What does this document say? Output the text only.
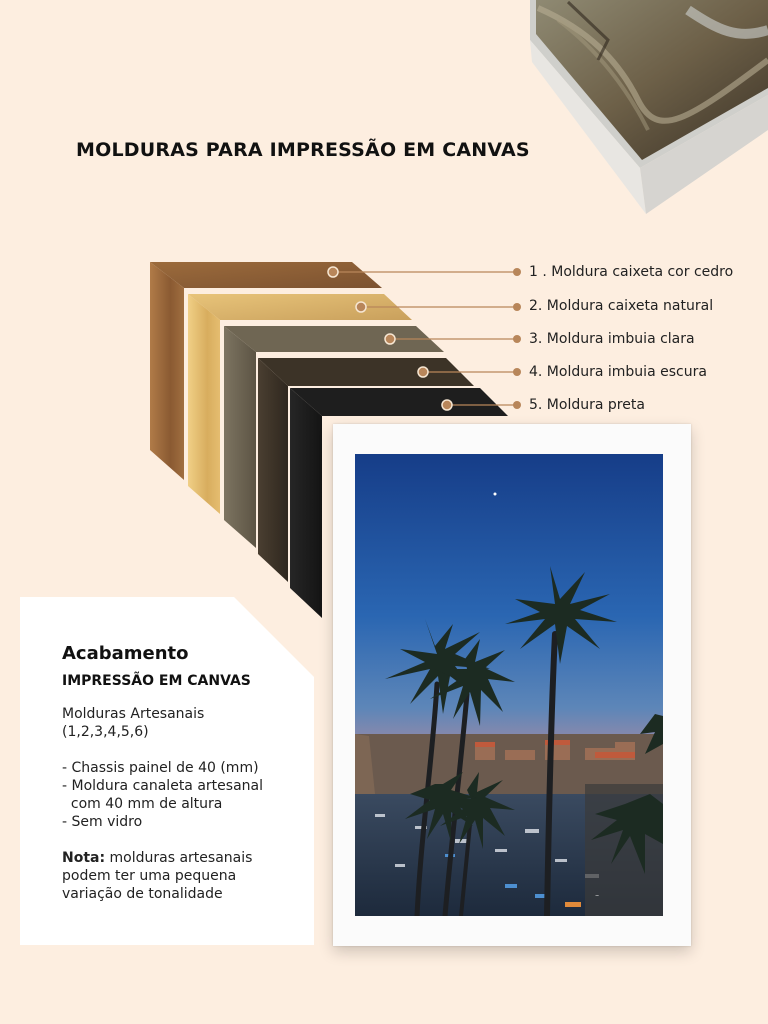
MOLDURAS PARA IMPRESSÃO EM CANVAS
1 . Moldura caixeta cor cedro
2. Moldura caixeta natural
3. Moldura imbuia clara
4. Moldura imbuia escura
5. Moldura preta
~
Acabamento
IMPRESSÃO EM CANVAS
Molduras Artesanais
(1,2,3,4,5,6)
- Chassis painel de 40 (mm)
- Moldura canaleta artesanal
com 40 mm de altura
- Sem vidro
Nota: molduras artesanais
podem ter uma pequena
variação de tonalidade
